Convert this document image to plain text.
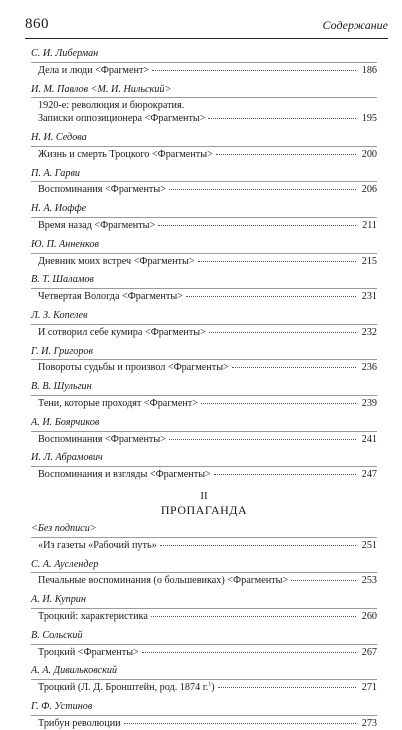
860	Содержание
С. И. Либерман
Дела и люди <Фрагмент>	186
И. М. Павлов <М. И. Нильский>
1920-е: революция и бюрократия.
Записки оппозиционера <Фрагменты>	195
Н. И. Седова
Жизнь и смерть Троцкого <Фрагменты>	200
П. А. Гарви
Воспоминания <Фрагменты>	206
Н. А. Иоффе
Время назад <Фрагменты>	211
Ю. П. Анненков
Дневник моих встреч <Фрагменты>	215
В. Т. Шаламов
Четвертая Вологда <Фрагменты>	231
Л. З. Копелев
И сотворил себе кумира <Фрагменты>	232
Г. И. Григоров
Повороты судьбы и произвол <Фрагменты>	236
В. В. Шульгин
Тени, которые проходят <Фрагмент>	239
А. И. Боярчиков
Воспоминания <Фрагменты>	241
И. Л. Абрамович
Воспоминания и взгляды <Фрагменты>	247
II
ПРОПАГАНДА
<Без подписи>
«Из газеты «Рабочий путь»	251
С. А. Ауслендер
Печальные воспоминания (о большевиках) <Фрагменты>	253
А. И. Куприн
Троцкий: характеристика	260
В. Сольский
Троцкий <Фрагменты>	267
А. А. Дивильковский
Троцкий (Л. Д. Бронштейн, род. 1874 г.$^1$)	271
Г. Ф. Устинов
Трибун революции	273
